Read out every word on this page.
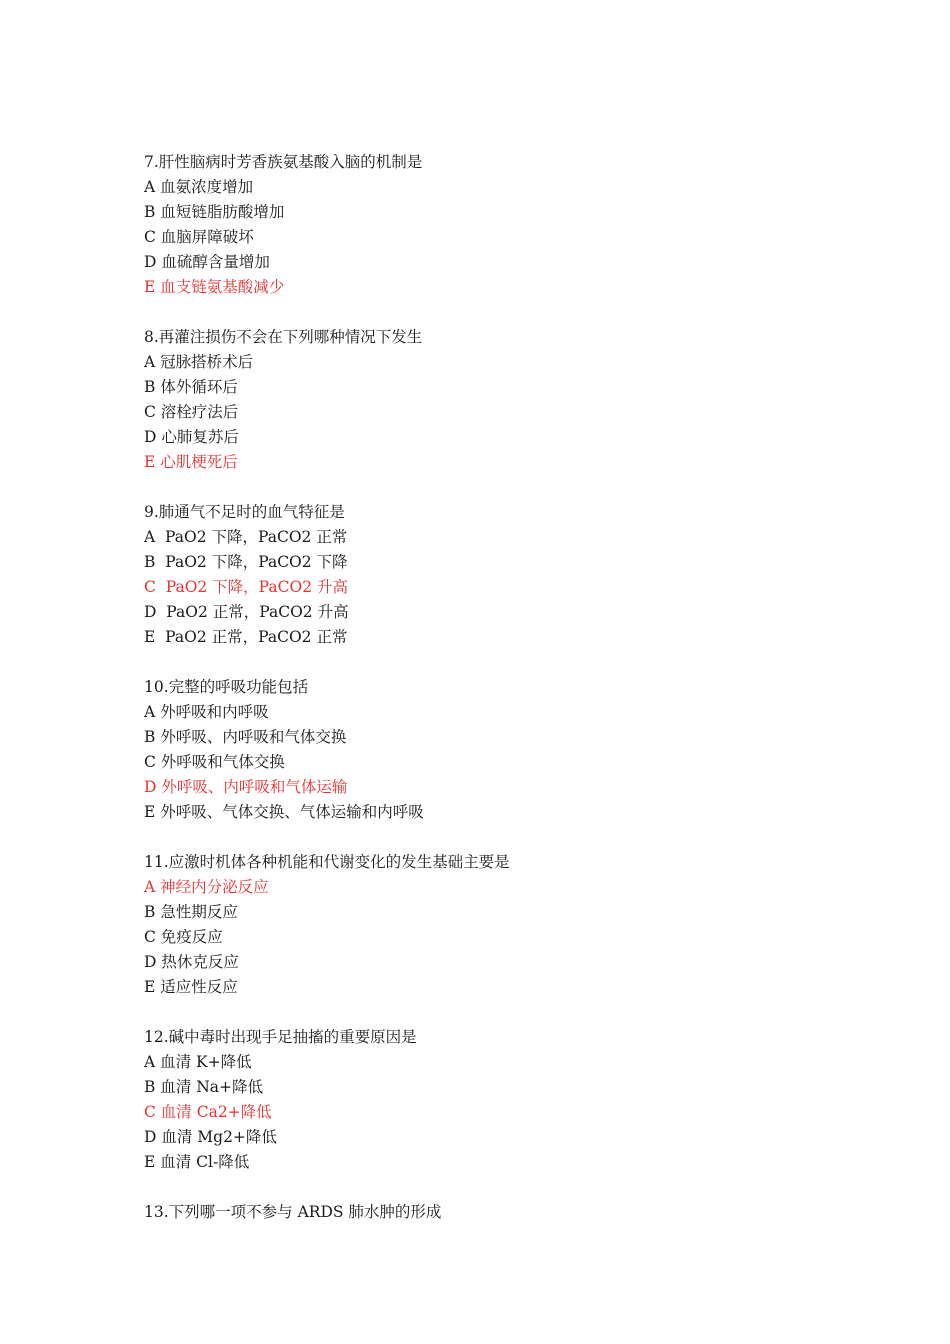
7.肝性脑病时芳香族氨基酸入脑的机制是
A 血氨浓度增加
B 血短链脂肪酸增加
C 血脑屏障破坏
D 血硫醇含量增加
E 血支链氨基酸减少
8.再灌注损伤不会在下列哪种情况下发生
A 冠脉搭桥术后
B 体外循环后
C 溶栓疗法后
D 心肺复苏后
E 心肌梗死后
9.肺通气不足时的血气特征是
A  PaO2 下降，PaCO2 正常
B  PaO2 下降，PaCO2 下降
C  PaO2 下降，PaCO2 升高
D  PaO2 正常，PaCO2 升高
E  PaO2 正常，PaCO2 正常
10.完整的呼吸功能包括
A 外呼吸和内呼吸
B 外呼吸、内呼吸和气体交换
C 外呼吸和气体交换
D 外呼吸、内呼吸和气体运输
E 外呼吸、气体交换、气体运输和内呼吸
11.应激时机体各种机能和代谢变化的发生基础主要是
A 神经内分泌反应
B 急性期反应
C 免疫反应
D 热休克反应
E 适应性反应
12.碱中毒时出现手足抽搐的重要原因是
A 血清 K+降低
B 血清 Na+降低
C 血清 Ca2+降低
D 血清 Mg2+降低
E 血清 Cl-降低
13.下列哪一项不参与 ARDS 肺水肿的形成
